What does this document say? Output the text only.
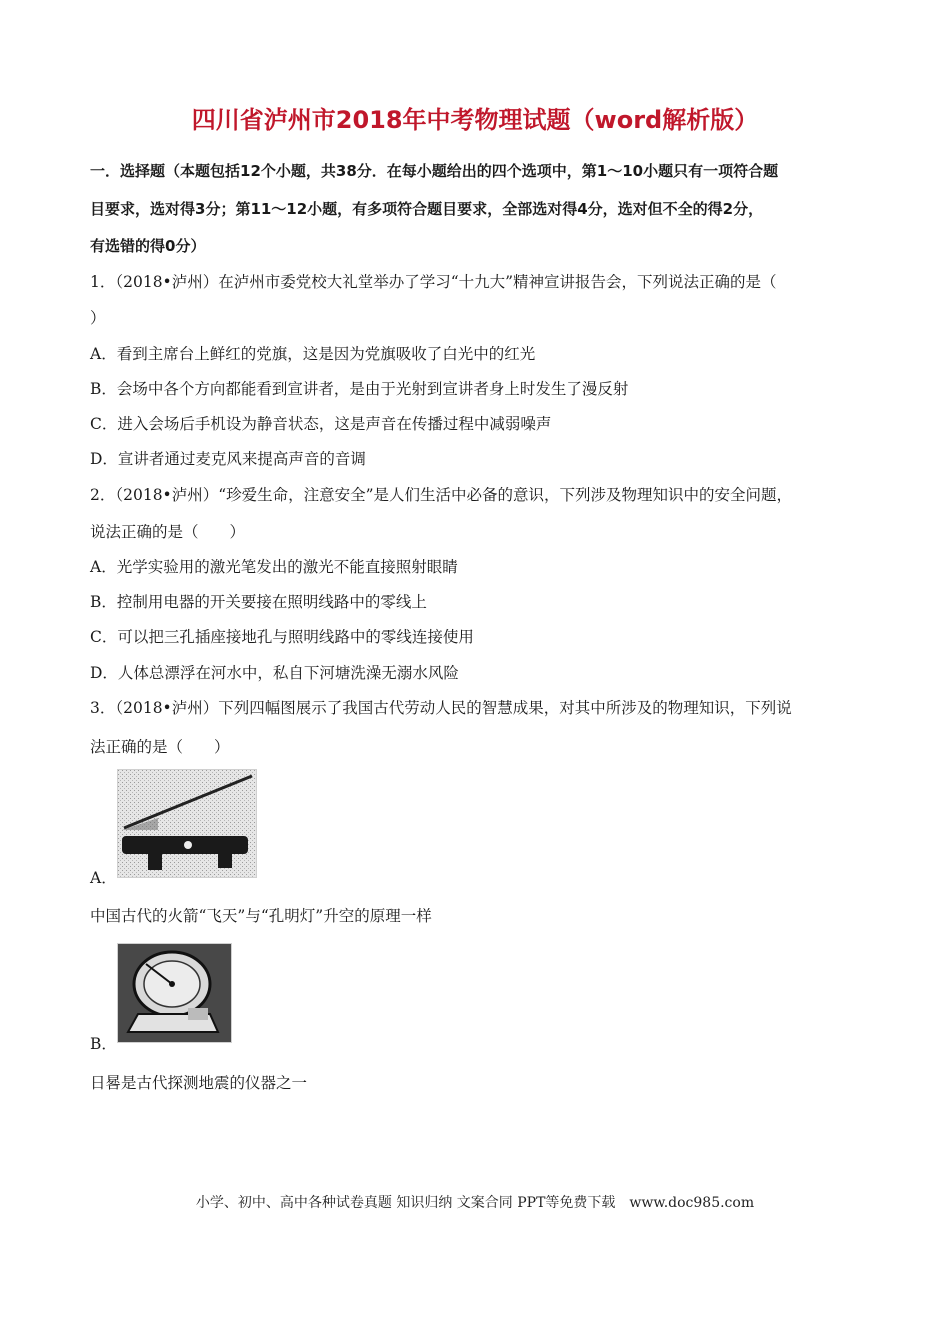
四川省泸州市2018年中考物理试题（word解析版）
一．选择题（本题包括12个小题，共38分．在每小题给出的四个选项中，第1～10小题只有一项符合题
目要求，选对得3分；第11～12小题，有多项符合题目要求，全部选对得4分，选对但不全的得2分，
有选错的得0分）
1．（2018•泸州）在泸州市委党校大礼堂举办了学习“十九大”精神宣讲报告会，下列说法正确的是（
）
A．看到主席台上鲜红的党旗，这是因为党旗吸收了白光中的红光
B．会场中各个方向都能看到宣讲者，是由于光射到宣讲者身上时发生了漫反射
C．进入会场后手机设为静音状态，这是声音在传播过程中减弱噪声
D．宣讲者通过麦克风来提高声音的音调
2．（2018•泸州）“珍爱生命，注意安全”是人们生活中必备的意识，下列涉及物理知识中的安全问题，
说法正确的是（　　）
A．光学实验用的激光笔发出的激光不能直接照射眼睛
B．控制用电器的开关要接在照明线路中的零线上
C．可以把三孔插座接地孔与照明线路中的零线连接使用
D．人体总漂浮在河水中，私自下河塘洗澡无溺水风险
3．（2018•泸州）下列四幅图展示了我国古代劳动人民的智慧成果，对其中所涉及的物理知识，下列说
法正确的是（　　）
A．
中国古代的火箭“飞天”与“孔明灯”升空的原理一样
B．
日晷是古代探测地震的仪器之一
小学、初中、高中各种试卷真题 知识归纳 文案合同 PPT等免费下载　www.doc985.com
